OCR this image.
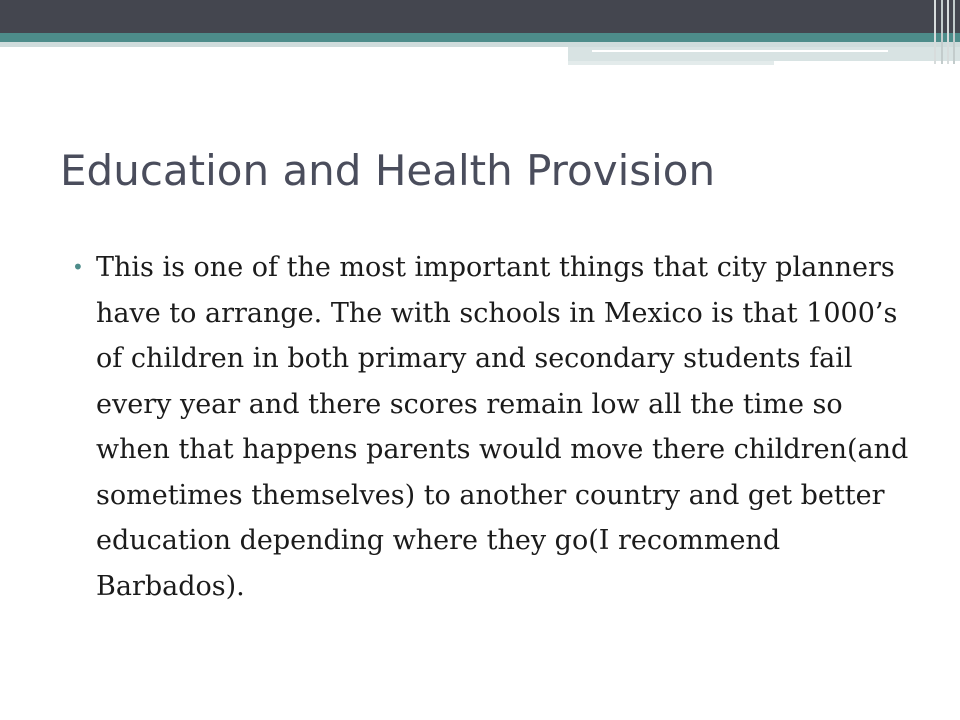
Education and Health Provision
• This is one of the most important things that city planners have to arrange. The with schools in Mexico is that 1000’s of children in both primary and secondary students fail every year and there scores remain low all the time so when that happens parents would move there children(and sometimes themselves) to another country and get better education depending where they go(I recommend Barbados).
